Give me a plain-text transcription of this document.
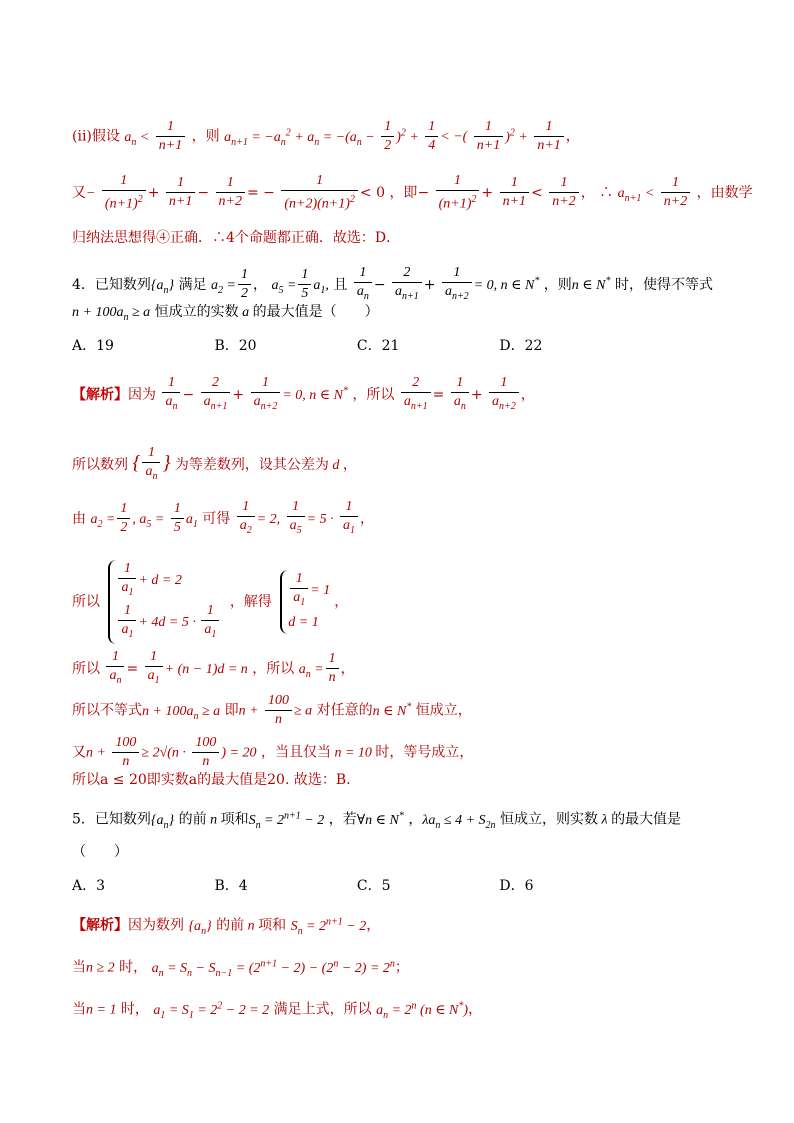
(ii)假设 $a_n < \frac{1}{n+1}$ ，则 $a_{n+1} = -a_n^2 + a_n = -(a_n - \frac{1}{2} )^2 + \frac{1}{4}$ < −( $\frac{1}{n+1} )^2 + \frac{1}{n+1}$ ，
又− $\frac{1}{(n+1)^2} + \frac{1}{n+1} - \frac{1}{n+2}$ = − $\frac{1}{(n+2)(n+1)^2} < 0$ ，即− $\frac{1}{(n+1)^2} + \frac{1}{n+1} < \frac{1}{n+2}$ ， ∴ $a_{n+1} < \frac{1}{n+2}$ ，由数学
归纳法思想得④正确．∴4个命题都正确．故选：D．
4．已知数列$\{a_n\}$ 满足 $a_2 = \frac{1}{2}$ ， $a_5 = \frac{1}{5} a_1$, 且 $\frac{1}{a_n} - \frac{2}{a_{n+1}} + \frac{1}{a_{n+2}} = 0$, n ∈ N* ，则n ∈ N* 时，使得不等式
$n + 100a_n \ge a$ 恒成立的实数 a 的最大值是（　　）
A．19	B．20	C．21	D．22
【解析】因为 $\frac{1}{a_n} - \frac{2}{a_{n+1}} + \frac{1}{a_{n+2}} = 0$, n ∈ N* ，所以 $\frac{2}{a_{n+1}} = \frac{1}{a_n} + \frac{1}{a_{n+2}}$ ，
所以数列 { $\frac{1}{a_n}$ } 为等差数列，设其公差为 d ，
由 $a_2 = \frac{1}{2}$ , $a_5 = \frac{1}{5} a_1$ 可得 $\frac{1}{a_2} = 2$, $\frac{1}{a_5} = 5 \cdot \frac{1}{a_1}$ ，
所以 $\frac{1}{a_1} + d = 2$
$\frac{1}{a_1} + 4d = 5 \cdot \frac{1}{a_1}$ ，解得 $\frac{1}{a_1} = 1$
d = 1
，
所以 $\frac{1}{a_n} = \frac{1}{a_1} + (n - 1)d = n$ ，所以 $a_n = \frac{1}{n}$ ，
所以不等式$n + 100a_n \ge a$ 即$n + \frac{100}{n} \ge a$ 对任意的n ∈ N* 恒成立，
又$n + \frac{100}{n} \ge 2√(n \cdot \frac{100}{n}$ ) = 20 ，当且仅当 n = 10 时，等号成立，
所以a ≤ 20即实数a的最大值是20. 故选：B.
5．已知数列$\{a_n\}$ 的前 n 项和$S_n = 2^{n+1} - 2$ ，若∀n ∈ N* ，$\lambda a_n \le 4 + S_{2n}$ 恒成立，则实数 λ 的最大值是
（　　）
A．3	B．4	C．5	D．6
【解析】因为数列 $\{a_n\}$ 的前 n 项和 $S_n = 2^{n+1} - 2$，
当n ≥ 2 时， $a_n = S_n - S_{n-1} = (2^{n+1} - 2) - (2^n - 2) = 2^n$；
当n = 1 时， $a_1 = S_1 = 2^2 - 2 = 2$ 满足上式，所以 $a_n = 2^n$ (n ∈ N*)，
